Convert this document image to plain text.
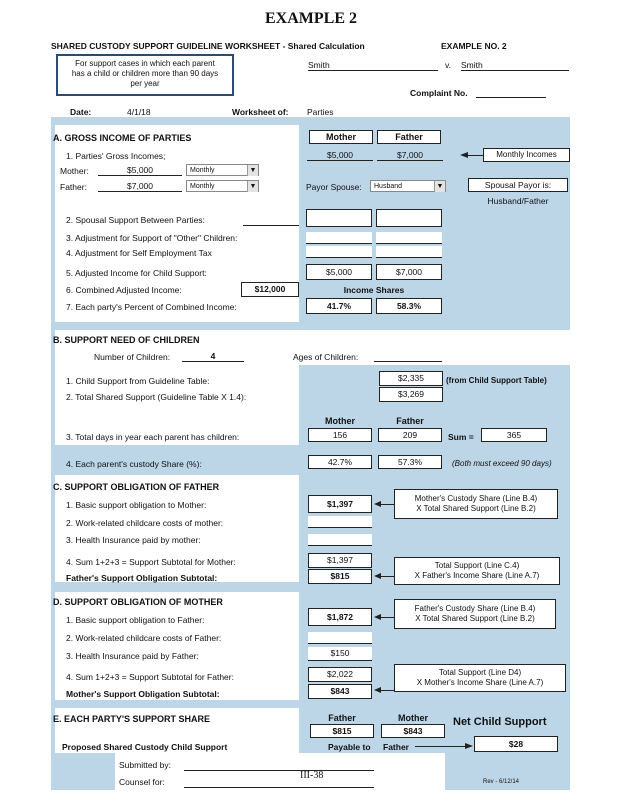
EXAMPLE 2
SHARED CUSTODY SUPPORT GUIDELINE WORKSHEET - Shared Calculation	EXAMPLE NO. 2
For support cases in which each parent has a child or children more than 90 days per year
Smith	v. Smith
Complaint No.
Date:	4/1/18	Worksheet of: Parties
A. GROSS INCOME OF PARTIES	Mother	Father
1. Parties' Gross Incomes;	$5,000	$7,000	Monthly Incomes
Mother:	$5,000	Monthly	▼
Father:	$7,000	Monthly	▼	Payor Spouse:	Husband	▼	Spousal Payor is:
Husband/Father
2. Spousal Support Between Parties:
3. Adjustment for Support of "Other" Children:
4. Adjustment for Self Employment Tax
5. Adjusted Income for Child Support:	$5,000	$7,000
6. Combined Adjusted Income:	$12,000	Income Shares
7. Each party's Percent of Combined Income:	41.7%	58.3%
B. SUPPORT NEED OF CHILDREN
Number of Children:	4	Ages of Children:
1. Child Support from Guideline Table:	$2,335	(from Child Support Table)
2. Total Shared Support (Guideline Table X 1.4):	$3,269
Mother	Father
3. Total days in year each parent has children:	156	209	Sum =	365
4. Each parent's custody Share (%):	42.7%	57.3%	(Both must exceed 90 days)
C. SUPPORT OBLIGATION OF FATHER
1. Basic support obligation to Mother:	$1,397
Mother's Custody Share (Line B.4)
X Total Shared Support (Line B.2)
2. Work-related childcare costs of mother:
3. Health Insurance paid by mother:
4. Sum 1+2+3 = Support Subtotal for Mother:	$1,397
Father's Support Obligation Subtotal:	$815
Total Support (Line C.4)
X Father's Income Share (Line A.7)
D. SUPPORT OBLIGATION OF MOTHER
1. Basic support obligation to Father:	$1,872
Father's Custody Share (Line B.4)
X Total Shared Support (Line B.2)
2. Work-related childcare costs of Father:
3. Health Insurance paid by Father:	$150
4. Sum 1+2+3 = Support Subtotal for Father:	$2,022
Mother's Support Obligation Subtotal:	$843
Total Support (Line D4)
X Mother's Income Share (Line A.7)
E. EACH PARTY'S SUPPORT SHARE	Father	Mother	Net Child Support
$815	$843
Proposed Shared Custody Child Support	Payable to Father	$28
Submitted by:
Counsel for:
III-38
Rev - 6/12/14
